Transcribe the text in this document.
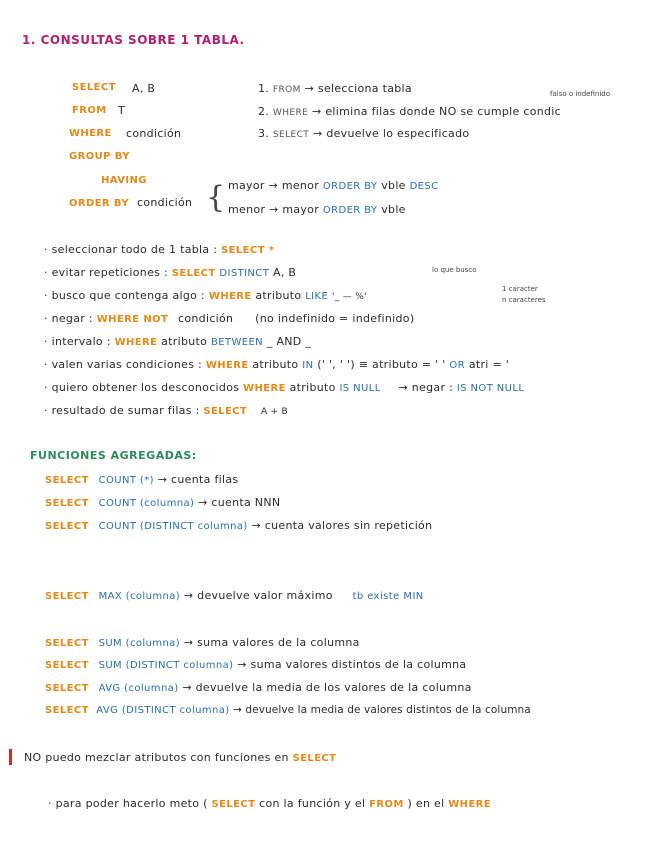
1. CONSULTAS SOBRE 1 TABLA.
SELECT A, B
FROM T
WHERE condición
GROUP BY
HAVING
ORDER BY condición {
1. FROM → selecciona tabla	falso o indefinido
2. WHERE → elimina filas donde NO se cumple condic
3. SELECT → devuelve lo especificado
mayor → menor ORDER BY vble DESC
menor → mayor ORDER BY vble
· seleccionar todo de 1 tabla : SELECT *
· evitar repeticiones : SELECT DISTINCT A, B	lo que busco
1 caracter
n caracteres
· busco que contenga algo : WHERE atributo LIKE '_ — %'
· negar : WHERE NOT condición (no indefinido = indefinido)
· intervalo : WHERE atributo BETWEEN _ AND _
· valen varias condiciones : WHERE atributo IN (' ', ' ') ≡ atributo = ' ' OR atri = '
· quiero obtener los desconocidos WHERE atributo IS NULL → negar : IS NOT NULL
· resultado de sumar filas : SELECT A + B
FUNCIONES AGREGADAS:
SELECT COUNT (*) → cuenta filas
SELECT COUNT (columna) → cuenta NNN
SELECT COUNT (DISTINCT columna) → cuenta valores sin repetición
SELECT MAX (columna) → devuelve valor máximo tb existe MIN
SELECT SUM (columna) → suma valores de la columna
SELECT SUM (DISTINCT columna) → suma valores distintos de la columna
SELECT AVG (columna) → devuelve la media de los valores de la columna
SELECT AVG (DISTINCT columna) → devuelve la media de valores distintos de la columna
NO puedo mezclar atributos con funciones en SELECT
· para poder hacerlo meto ( SELECT con la función y el FROM ) en el WHERE
